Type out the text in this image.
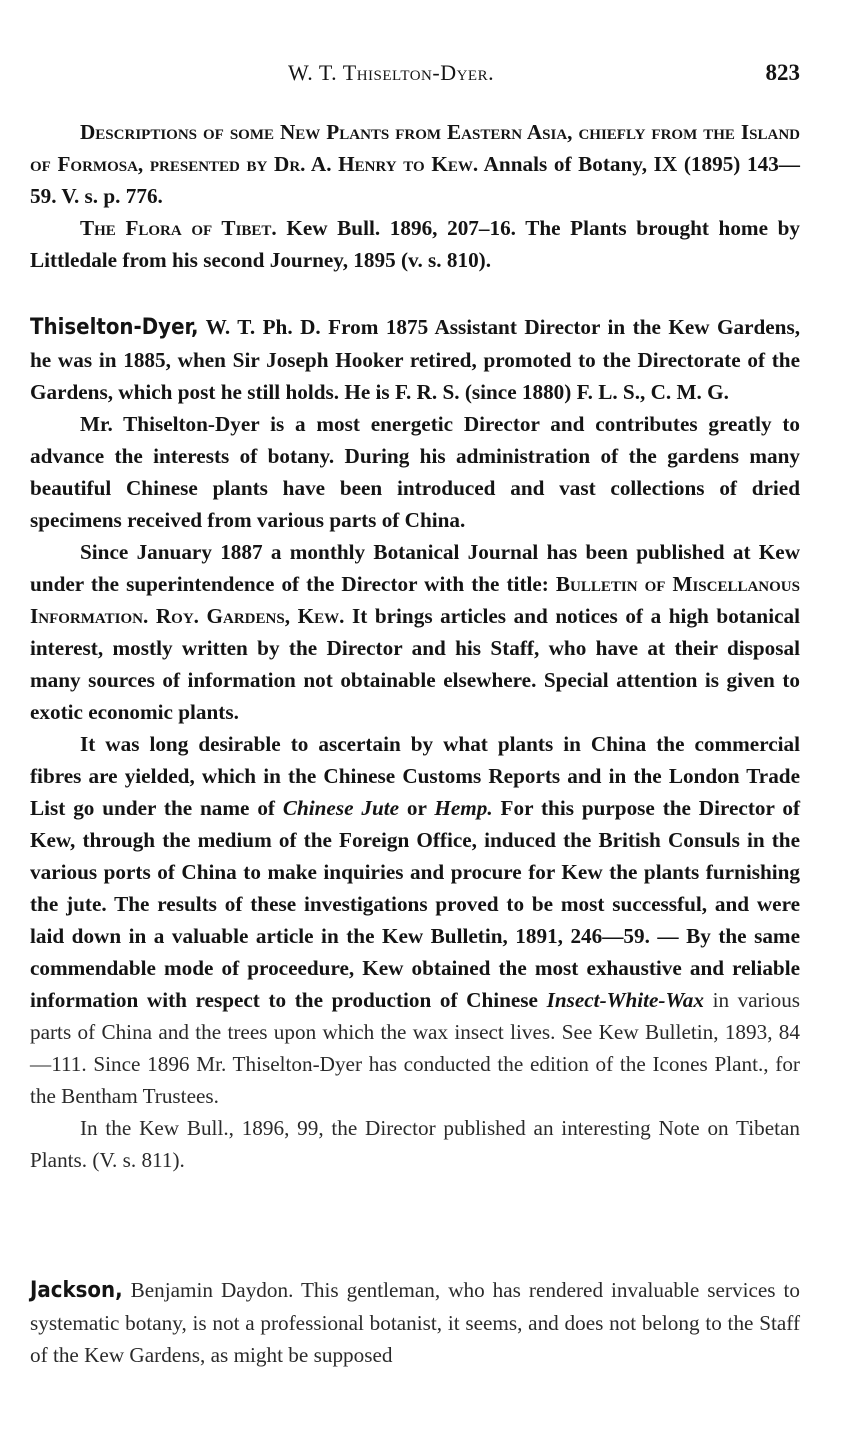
W. T. Thiselton-Dyer.	823

Descriptions of some New Plants from Eastern Asia, chiefly from the Island of Formosa, presented by Dr. A. Henry to Kew. Annals of Botany, IX (1895) 143—59. V. s. p. 776.

The Flora of Tibet. Kew Bull. 1896, 207–16. The Plants brought home by Littledale from his second Journey, 1895 (v. s. 810).

Thiselton-Dyer, W. T. Ph. D. From 1875 Assistant Director in the Kew Gardens, he was in 1885, when Sir Joseph Hooker retired, promoted to the Directorate of the Gardens, which post he still holds. He is F. R. S. (since 1880) F. L. S., C. M. G.

Mr. Thiselton-Dyer is a most energetic Director and contributes greatly to advance the interests of botany. During his administration of the gardens many beautiful Chinese plants have been introduced and vast collections of dried specimens received from various parts of China.

Since January 1887 a monthly Botanical Journal has been published at Kew under the superintendence of the Director with the title: Bulletin of Miscellanous Information. Roy. Gardens, Kew. It brings articles and notices of a high botanical interest, mostly written by the Director and his Staff, who have at their disposal many sources of information not obtainable elsewhere. Special attention is given to exotic economic plants.

It was long desirable to ascertain by what plants in China the commercial fibres are yielded, which in the Chinese Customs Reports and in the London Trade List go under the name of Chinese Jute or Hemp. For this purpose the Director of Kew, through the medium of the Foreign Office, induced the British Consuls in the various ports of China to make inquiries and procure for Kew the plants furnishing the jute. The results of these investigations proved to be most successful, and were laid down in a valuable article in the Kew Bulletin, 1891, 246—59. — By the same commendable mode of proceedure, Kew obtained the most exhaustive and reliable information with respect to the production of Chinese Insect-White-Wax in various parts of China and the trees upon which the wax insect lives. See Kew Bulletin, 1893, 84—111. Since 1896 Mr. Thiselton-Dyer has conducted the edition of the Icones Plant., for the Bentham Trustees.

In the Kew Bull., 1896, 99, the Director published an interesting Note on Tibetan Plants. (V. s. 811).

Jackson, Benjamin Daydon. This gentleman, who has rendered invaluable services to systematic botany, is not a professional botanist, it seems, and does not belong to the Staff of the Kew Gardens, as might be supposed
